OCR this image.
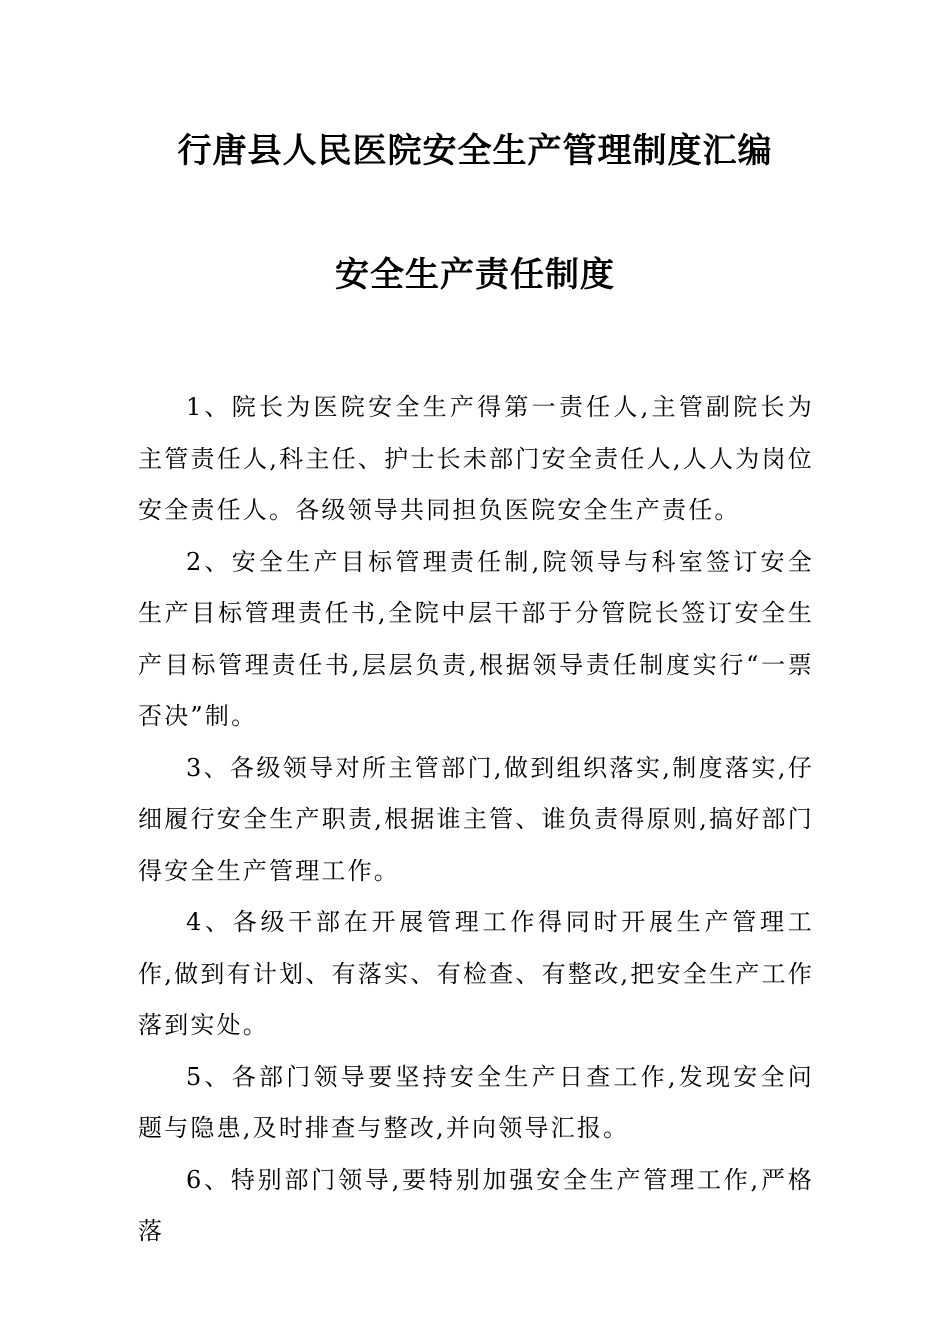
行唐县人民医院安全生产管理制度汇编
安全生产责任制度

1、院长为医院安全生产得第一责任人,主管副院长为主管责任人,科主任、护士长未部门安全责任人,人人为岗位安全责任人。各级领导共同担负医院安全生产责任。

2、安全生产目标管理责任制,院领导与科室签订安全生产目标管理责任书,全院中层干部于分管院长签订安全生产目标管理责任书,层层负责,根据领导责任制度实行“一票否决”制。

3、各级领导对所主管部门,做到组织落实,制度落实,仔细履行安全生产职责,根据谁主管、谁负责得原则,搞好部门得安全生产管理工作。

4、各级干部在开展管理工作得同时开展生产管理工作,做到有计划、有落实、有检查、有整改,把安全生产工作落到实处。

5、各部门领导要坚持安全生产日查工作,发现安全问题与隐患,及时排查与整改,并向领导汇报。

6、特别部门领导,要特别加强安全生产管理工作,严格落
